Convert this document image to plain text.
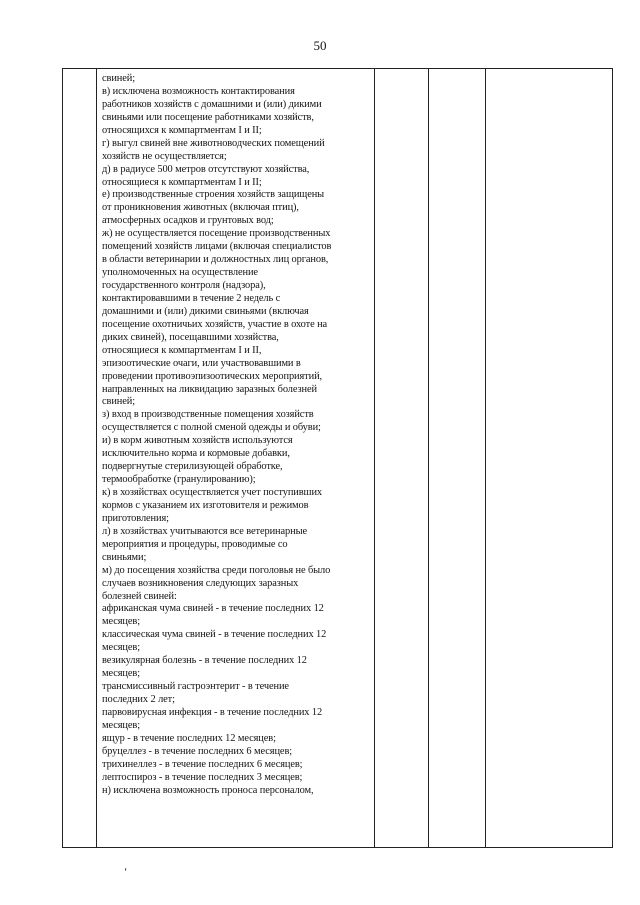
50
свиней;
в) исключена возможность контактирования
работников хозяйств с домашними и (или) дикими
свиньями или посещение работниками хозяйств,
относящихся к компартментам I и II;
г) выгул свиней вне животноводческих помещений
хозяйств не осуществляется;
д) в радиусе 500 метров отсутствуют хозяйства,
относящиеся к компартментам I и II;
е) производственные строения хозяйств защищены
от проникновения животных (включая птиц),
атмосферных осадков и грунтовых вод;
ж) не осуществляется посещение производственных
помещений хозяйств лицами (включая специалистов
в области ветеринарии и должностных лиц органов,
уполномоченных на осуществление
государственного контроля (надзора),
контактировавшими в течение 2 недель с
домашними и (или) дикими свиньями (включая
посещение охотничьих хозяйств, участие в охоте на
диких свиней), посещавшими хозяйства,
относящиеся к компартментам I и II,
эпизоотические очаги, или участвовавшими в
проведении противоэпизоотических мероприятий,
направленных на ликвидацию заразных болезней
свиней;
з) вход в производственные помещения хозяйств
осуществляется с полной сменой одежды и обуви;
и) в корм животным хозяйств используются
исключительно корма и кормовые добавки,
подвергнутые стерилизующей обработке,
термообработке (гранулированию);
к) в хозяйствах осуществляется учет поступивших
кормов с указанием их изготовителя и режимов
приготовления;
л) в хозяйствах учитываются все ветеринарные
мероприятия и процедуры, проводимые со
свиньями;
м) до посещения хозяйства среди поголовья не было
случаев возникновения следующих заразных
болезней свиней:
африканская чума свиней - в течение последних 12
месяцев;
классическая чума свиней - в течение последних 12
месяцев;
везикулярная болезнь - в течение последних 12
месяцев;
трансмиссивный гастроэнтерит - в течение
последних 2 лет;
парвовирусная инфекция - в течение последних 12
месяцев;
ящур - в течение последних 12 месяцев;
бруцеллез - в течение последних 6 месяцев;
трихинеллез - в течение последних 6 месяцев;
лептоспироз - в течение последних 3 месяцев;
н) исключена возможность проноса персоналом,
ʻ
